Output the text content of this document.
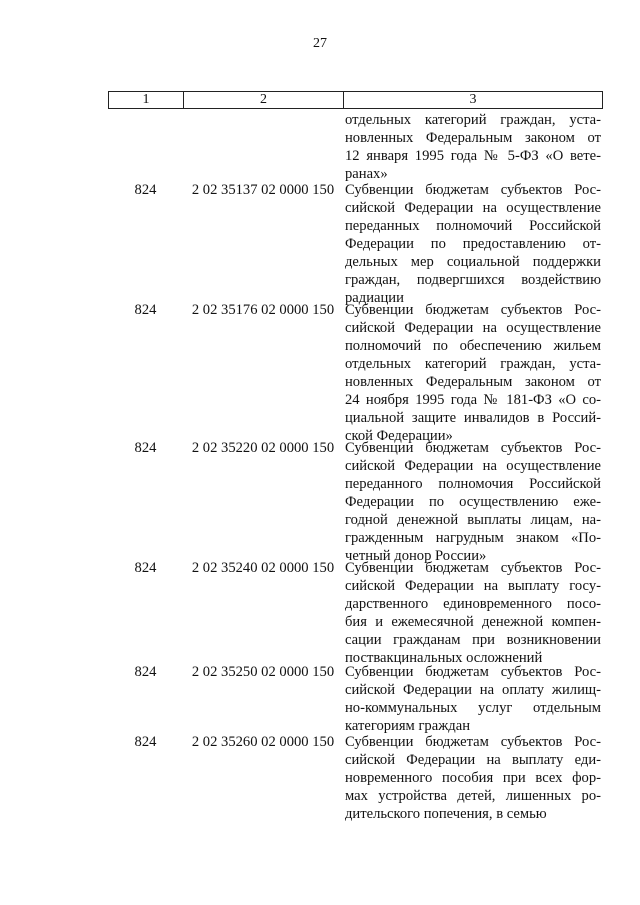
27
1	2	3
отдельных категорий граждан, уста-
новленных Федеральным законом от
12 января 1995 года № 5-ФЗ «О вете-
ранах»
824	2 02 35137 02 0000 150 Субвенции бюджетам субъектов Рос-
сийской Федерации на осуществление
переданных полномочий Российской
Федерации по предоставлению от-
дельных мер социальной поддержки
граждан, подвергшихся воздействию
радиации
824	2 02 35176 02 0000 150 Субвенции бюджетам субъектов Рос-
сийской Федерации на осуществление
полномочий по обеспечению жильем
отдельных категорий граждан, уста-
новленных Федеральным законом от
24 ноября 1995 года № 181-ФЗ «О со-
циальной защите инвалидов в Россий-
ской Федерации»
824	2 02 35220 02 0000 150 Субвенции бюджетам субъектов Рос-
сийской Федерации на осуществление
переданного полномочия Российской
Федерации по осуществлению еже-
годной денежной выплаты лицам, на-
гражденным нагрудным знаком «По-
четный донор России»
824	2 02 35240 02 0000 150 Субвенции бюджетам субъектов Рос-
сийской Федерации на выплату госу-
дарственного единовременного посо-
бия и ежемесячной денежной компен-
сации гражданам при возникновении
поствакцинальных осложнений
824	2 02 35250 02 0000 150 Субвенции бюджетам субъектов Рос-
сийской Федерации на оплату жилищ-
но-коммунальных услуг отдельным
категориям граждан
824	2 02 35260 02 0000 150 Субвенции бюджетам субъектов Рос-
сийской Федерации на выплату еди-
новременного пособия при всех фор-
мах устройства детей, лишенных ро-
дительского попечения, в семью
